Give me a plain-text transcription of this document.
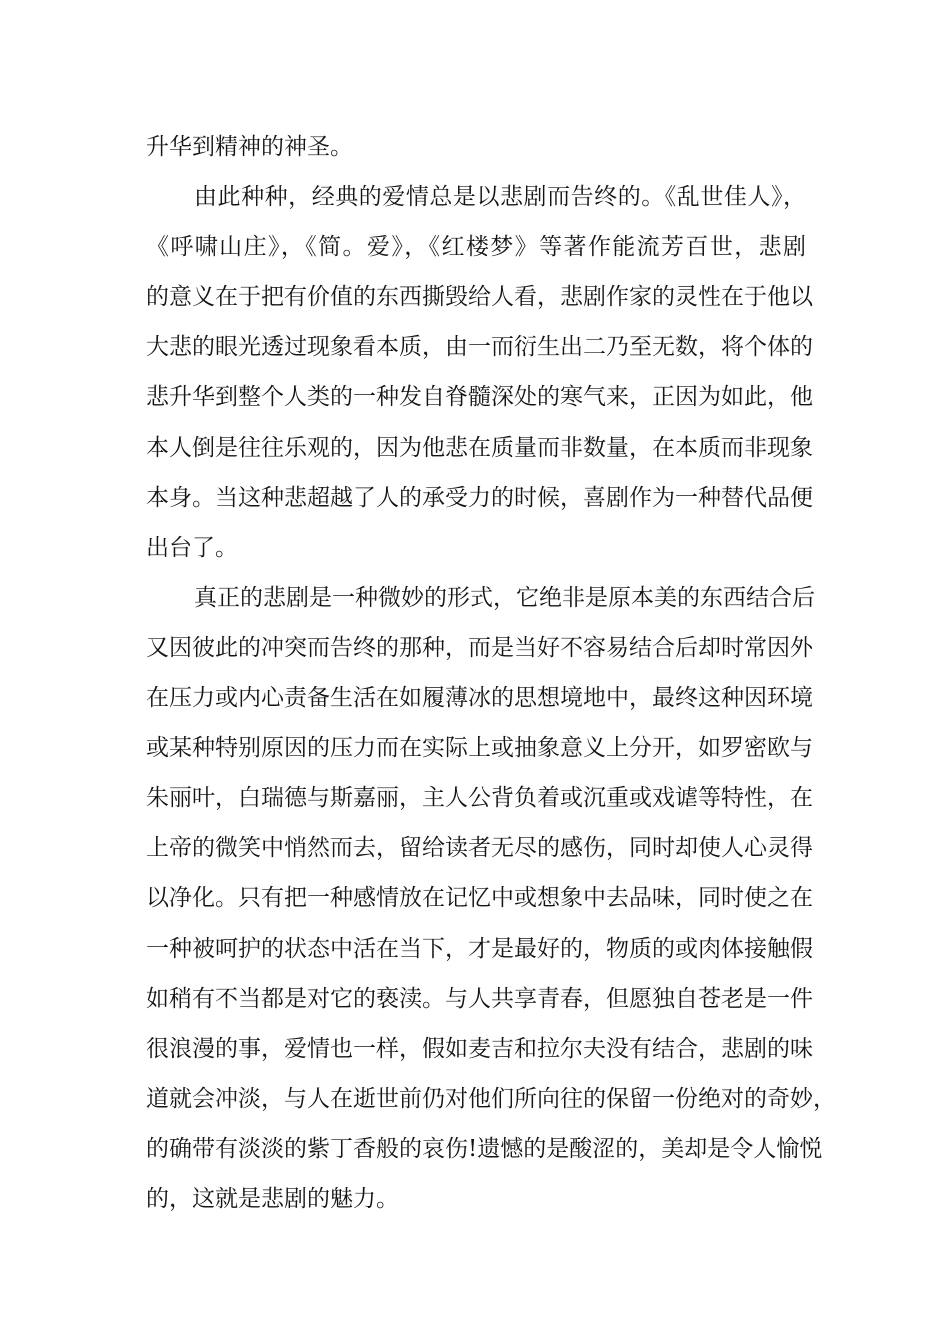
升华到精神的神圣。
由此种种，经典的爱情总是以悲剧而告终的。《乱世佳人》，
《呼啸山庄》，《简。爱》，《红楼梦》等著作能流芳百世，悲剧
的意义在于把有价值的东西撕毁给人看，悲剧作家的灵性在于他以
大悲的眼光透过现象看本质，由一而衍生出二乃至无数，将个体的
悲升华到整个人类的一种发自脊髓深处的寒气来，正因为如此，他
本人倒是往往乐观的，因为他悲在质量而非数量，在本质而非现象
本身。当这种悲超越了人的承受力的时候，喜剧作为一种替代品便
出台了。
真正的悲剧是一种微妙的形式，它绝非是原本美的东西结合后
又因彼此的冲突而告终的那种，而是当好不容易结合后却时常因外
在压力或内心责备生活在如履薄冰的思想境地中，最终这种因环境
或某种特别原因的压力而在实际上或抽象意义上分开，如罗密欧与
朱丽叶，白瑞德与斯嘉丽，主人公背负着或沉重或戏谑等特性，在
上帝的微笑中悄然而去，留给读者无尽的感伤，同时却使人心灵得
以净化。只有把一种感情放在记忆中或想象中去品味，同时使之在
一种被呵护的状态中活在当下，才是最好的，物质的或肉体接触假
如稍有不当都是对它的亵渎。与人共享青春，但愿独自苍老是一件
很浪漫的事，爱情也一样，假如麦吉和拉尔夫没有结合，悲剧的味
道就会冲淡，与人在逝世前仍对他们所向往的保留一份绝对的奇妙，
的确带有淡淡的紫丁香般的哀伤!遗憾的是酸涩的，美却是令人愉悦
的，这就是悲剧的魅力。
